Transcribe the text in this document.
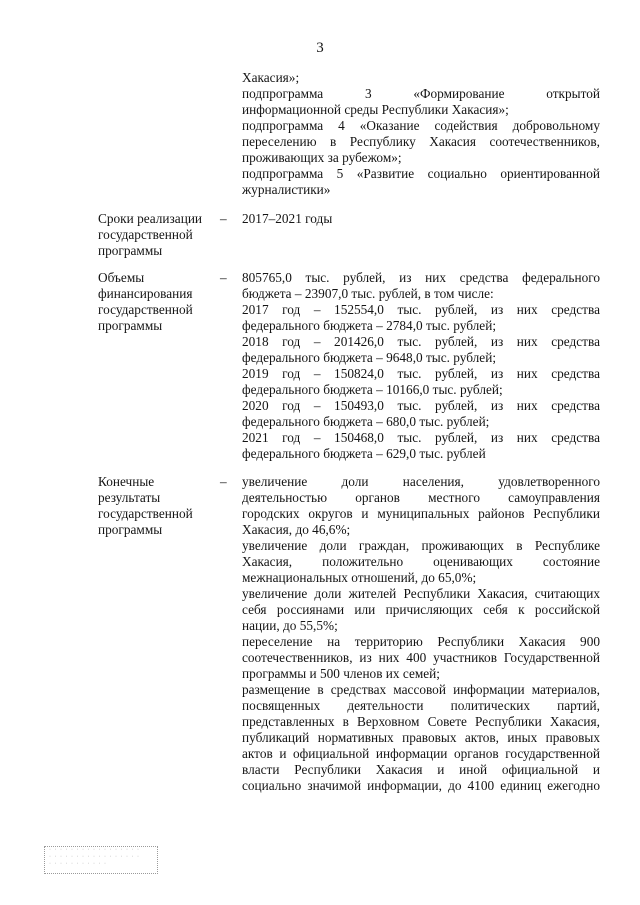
3
Хакасия»;
подпрограмма 3 «Формирование открытой
информационной среды Республики Хакасия»;
подпрограмма 4 «Оказание содействия добровольному
переселению в Республику Хакасия соотечественников,
проживающих за рубежом»;
подпрограмма 5 «Развитие социально ориентированной
журналистики»
Сроки реализации
государственной
программы
– 2017–2021 годы
Объемы
финансирования
государственной
программы
– 805765,0 тыс. рублей, из них средства федерального
бюджета – 23907,0 тыс. рублей, в том числе:
2017 год – 152554,0 тыс. рублей, из них средства
федерального бюджета – 2784,0 тыс. рублей;
2018 год – 201426,0 тыс. рублей, из них средства
федерального бюджета – 9648,0 тыс. рублей;
2019 год – 150824,0 тыс. рублей, из них средства
федерального бюджета – 10166,0 тыс. рублей;
2020 год – 150493,0 тыс. рублей, из них средства
федерального бюджета – 680,0 тыс. рублей;
2021 год – 150468,0 тыс. рублей, из них средства
федерального бюджета – 629,0 тыс. рублей
Конечные
результаты
государственной
программы
– увеличение доли населения, удовлетворенного
деятельностью органов местного самоуправления
городских округов и муниципальных районов Республики
Хакасия, до 46,6%;
увеличение доли граждан, проживающих в Республике
Хакасия, положительно оценивающих состояние
межнациональных отношений, до 65,0%;
увеличение доли жителей Республики Хакасия, считающих
себя россиянами или причисляющих себя к российской
нации, до 55,5%;
переселение на территорию Республики Хакасия 900
соотечественников, из них 400 участников Государственной
программы и 500 членов их семей;
размещение в средствах массовой информации материалов,
посвященных деятельности политических партий,
представленных в Верховном Совете Республики Хакасия,
публикаций нормативных правовых актов, иных правовых
актов и официальной информации органов государственной
власти Республики Хакасия и иной официальной и
социально значимой информации, до 4100 единиц ежегодно
· · · · · · · · · · · · · · · · ·
· · · · · · · · · · · · · · · · ·
· · · · · · · · · · ·
